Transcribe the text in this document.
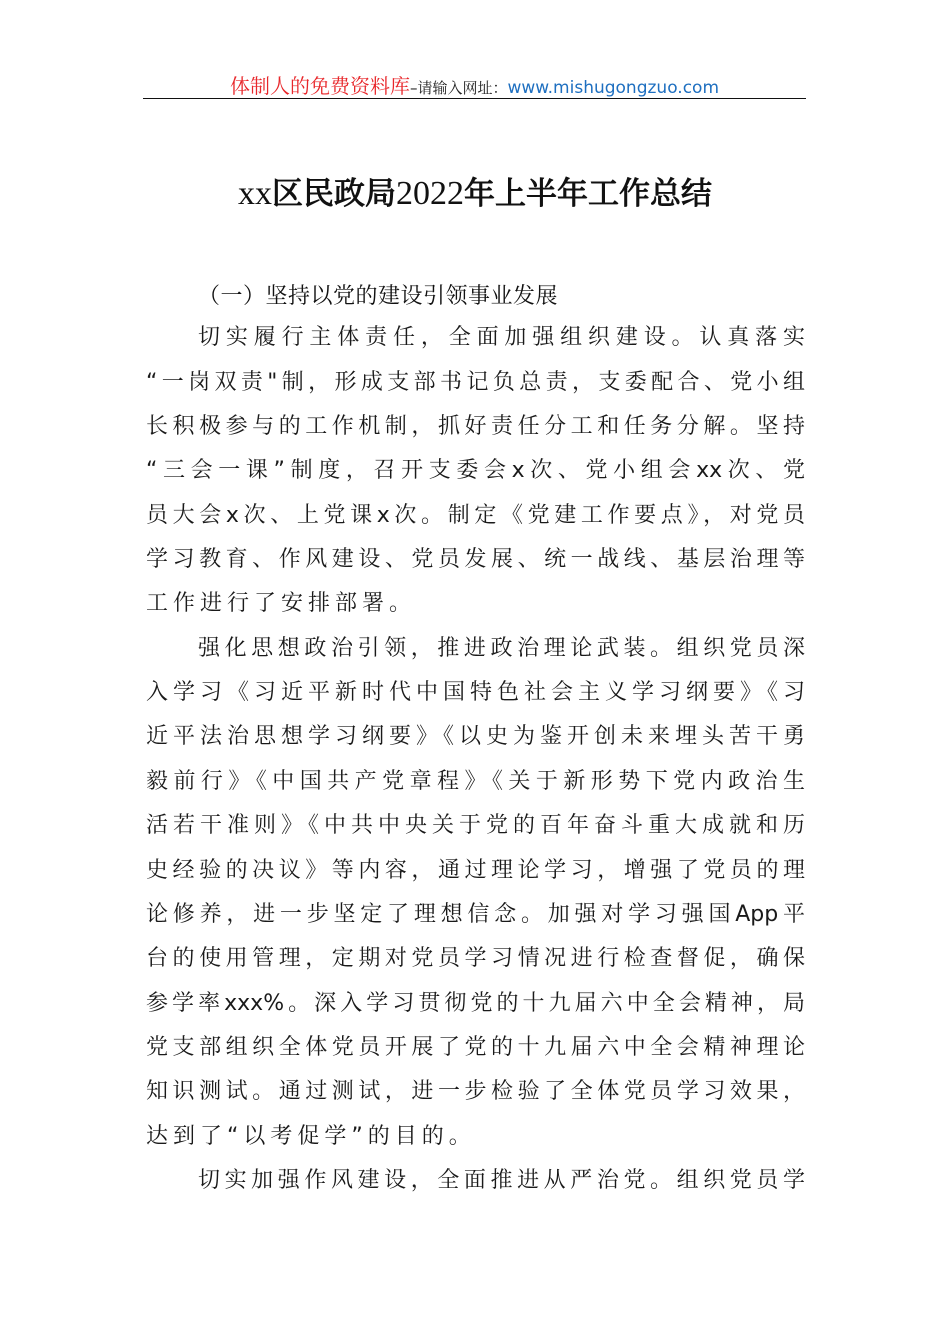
体制人的免费资料库–请输入网址：www.mishugongzuo.com
xx区民政局2022年上半年工作总结
（一）坚持以党的建设引领事业发展
切实履行主体责任，全面加强组织建设。认真落实
“一岗双责"制，形成支部书记负总责，支委配合、党小组
长积极参与的工作机制，抓好责任分工和任务分解。坚持
“三会一课”制度，召开支委会x次、党小组会xx次、党
员大会x次、上党课x次。制定《党建工作要点》，对党员
学习教育、作风建设、党员发展、统一战线、基层治理等
工作进行了安排部署。
强化思想政治引领，推进政治理论武装。组织党员深
入学习《习近平新时代中国特色社会主义学习纲要》《习
近平法治思想学习纲要》《以史为鉴开创未来埋头苦干勇
毅前行》《中国共产党章程》《关于新形势下党内政治生
活若干准则》《中共中央关于党的百年奋斗重大成就和历
史经验的决议》等内容，通过理论学习，增强了党员的理
论修养，进一步坚定了理想信念。加强对学习强国App平
台的使用管理，定期对党员学习情况进行检查督促，确保
参学率xxx%。深入学习贯彻党的十九届六中全会精神，局
党支部组织全体党员开展了党的十九届六中全会精神理论
知识测试。通过测试，进一步检验了全体党员学习效果，
达到了“以考促学”的目的。
切实加强作风建设，全面推进从严治党。组织党员学
